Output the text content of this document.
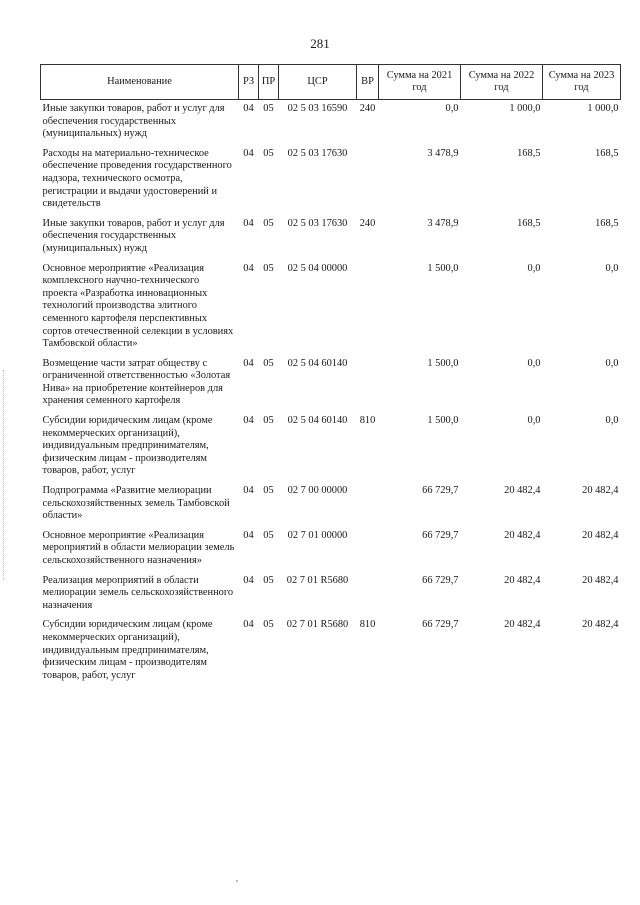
281
Наименование	РЗ	ПР	ЦСР	ВР	Сумма на 2021 год	Сумма на 2022 год	Сумма на 2023 год
Иные закупки товаров, работ и услуг для обеспечения государственных (муниципальных) нужд	04	05	02 5 03 16590	240	0,0	1 000,0	1 000,0
Расходы на материально-техническое обеспечение проведения государственного надзора, технического осмотра, регистрации и выдачи удостоверений и свидетельств	04	05	02 5 03 17630		3 478,9	168,5	168,5
Иные закупки товаров, работ и услуг для обеспечения государственных (муниципальных) нужд	04	05	02 5 03 17630	240	3 478,9	168,5	168,5
Основное мероприятие «Реализация комплексного научно-технического проекта «Разработка инновационных технологий производства элитного семенного картофеля перспективных сортов отечественной селекции в условиях Тамбовской области»	04	05	02 5 04 00000		1 500,0	0,0	0,0
Возмещение части затрат обществу с ограниченной ответственностью «Золотая Нива» на приобретение контейнеров для хранения семенного картофеля	04	05	02 5 04 60140		1 500,0	0,0	0,0
Субсидии юридическим лицам (кроме некоммерческих организаций), индивидуальным предпринимателям, физическим лицам - производителям товаров, работ, услуг	04	05	02 5 04 60140	810	1 500,0	0,0	0,0
Подпрограмма «Развитие мелиорации сельскохозяйственных земель Тамбовской области»	04	05	02 7 00 00000		66 729,7	20 482,4	20 482,4
Основное мероприятие «Реализация мероприятий в области мелиорации земель сельскохозяйственного назначения»	04	05	02 7 01 00000		66 729,7	20 482,4	20 482,4
Реализация мероприятий в области мелиорации земель сельскохозяйственного назначения	04	05	02 7 01 R5680		66 729,7	20 482,4	20 482,4
Субсидии юридическим лицам (кроме некоммерческих организаций), индивидуальным предпринимателям, физическим лицам - производителям товаров, работ, услуг	04	05	02 7 01 R5680	810	66 729,7	20 482,4	20 482,4
